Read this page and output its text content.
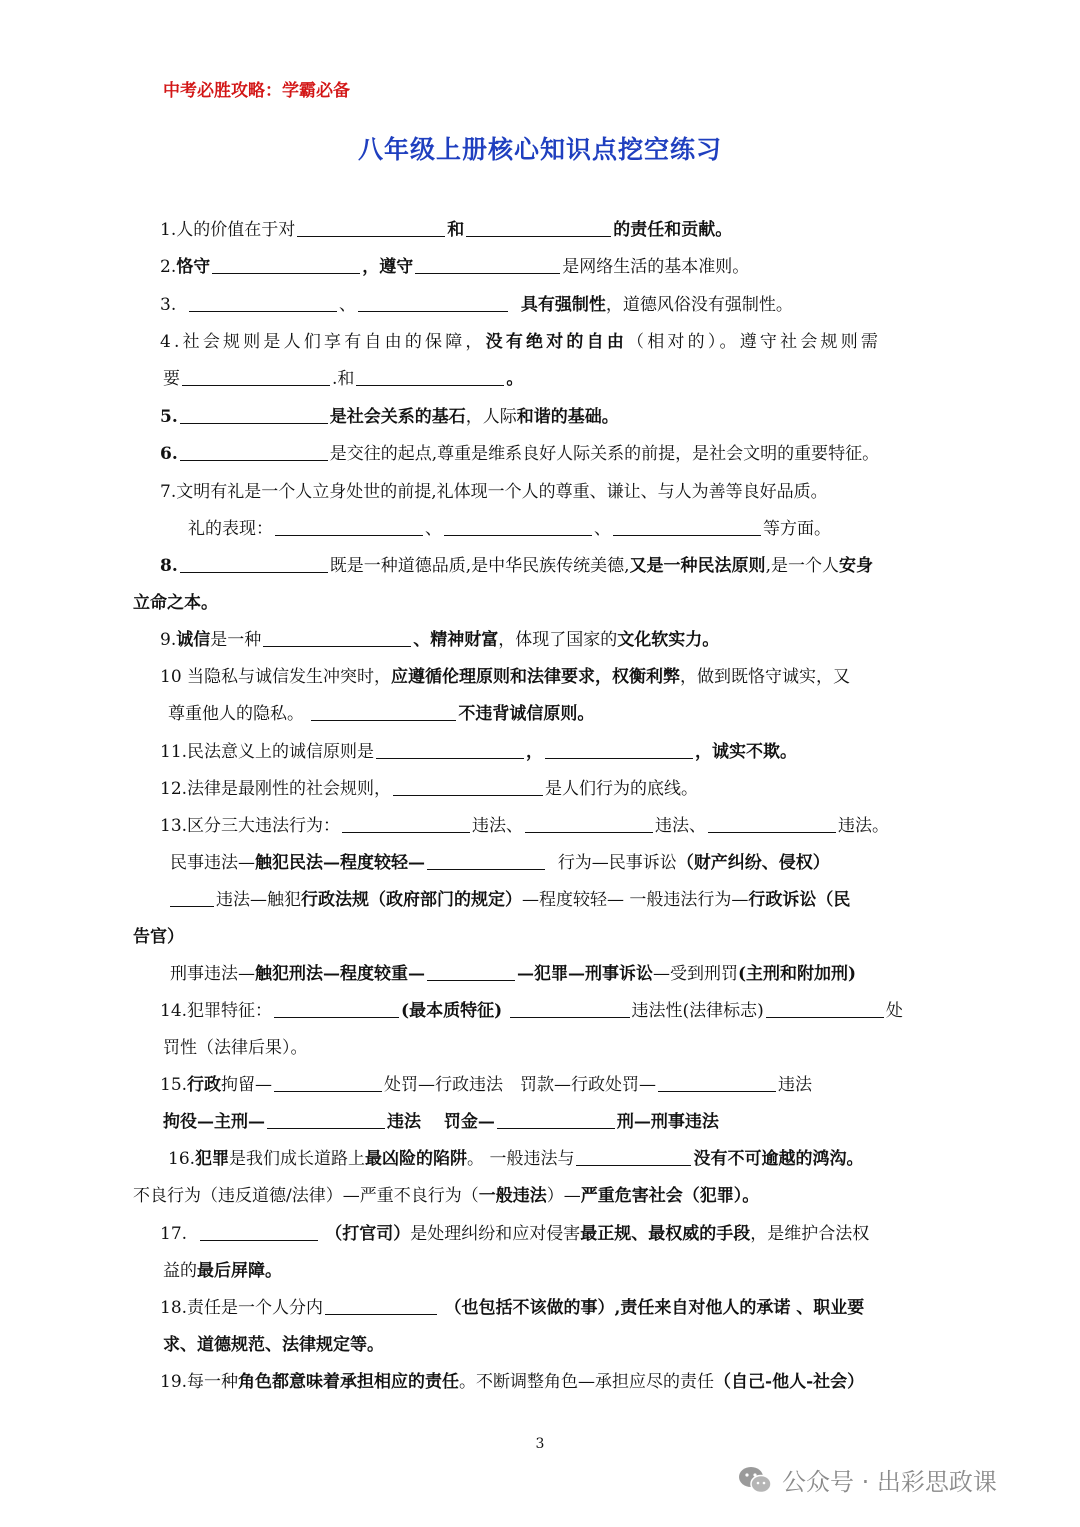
中考必胜攻略：学霸必备
八年级上册核心知识点挖空练习
1.人的价值在于对	和	的责任和贡献。
2.恪守	，遵守	是网络生活的基本准则。
3.	、	具有强制性，道德风俗没有强制性。
4.社会规则是人们享有自由的保障，没有绝对的自由（相对的）。遵守社会规则需
要	.和	。
5.	是社会关系的基石，人际和谐的基础。
6.	是交往的起点,尊重是维系良好人际关系的前提，是社会文明的重要特征。
7.文明有礼是一个人立身处世的前提,礼体现一个人的尊重、谦让、与人为善等良好品质。
礼的表现：	、	、	等方面。
8.	既是一种道德品质,是中华民族传统美德,又是一种民法原则,是一个人安身
立命之本。
9.诚信是一种	、精神财富，体现了国家的文化软实力。
10 当隐私与诚信发生冲突时，应遵循伦理原则和法律要求，权衡利弊，做到既恪守诚实，又
尊重他人的隐私。	不违背诚信原则。
11.民法意义上的诚信原则是	，	，诚实不欺。
12.法律是最刚性的社会规则，	是人们行为的底线。
13.区分三大违法行为：	违法、	违法、	违法。
民事违法—触犯民法—程度较轻—	行为—民事诉讼（财产纠纷、侵权）
违法—触犯行政法规（政府部门的规定）—程度较轻— 一般违法行为—行政诉讼（民
告官）
刑事违法—触犯刑法—程度较重—	—犯罪—刑事诉讼—受到刑罚(主刑和附加刑)
14.犯罪特征：	(最本质特征)	违法性(法律标志)	处
罚性（法律后果）。
15.行政拘留—	处罚—行政违法　罚款—行政处罚—	违法
拘役—主刑—	违法　 罚金—	刑—刑事违法
16.犯罪是我们成长道路上最凶险的陷阱。 一般违法与	没有不可逾越的鸿沟。
不良行为（违反道德/法律）—严重不良行为（一般违法）—严重危害社会（犯罪）。
17.	（打官司）是处理纠纷和应对侵害最正规、最权威的手段，是维护合法权
益的最后屏障。
18.责任是一个人分内	（也包括不该做的事）,责任来自对他人的承诺 、职业要
求、道德规范、法律规定等。
19.每一种角色都意味着承担相应的责任。不断调整角色—承担应尽的责任（自己-他人-社会）
3
公众号 · 出彩思政课
